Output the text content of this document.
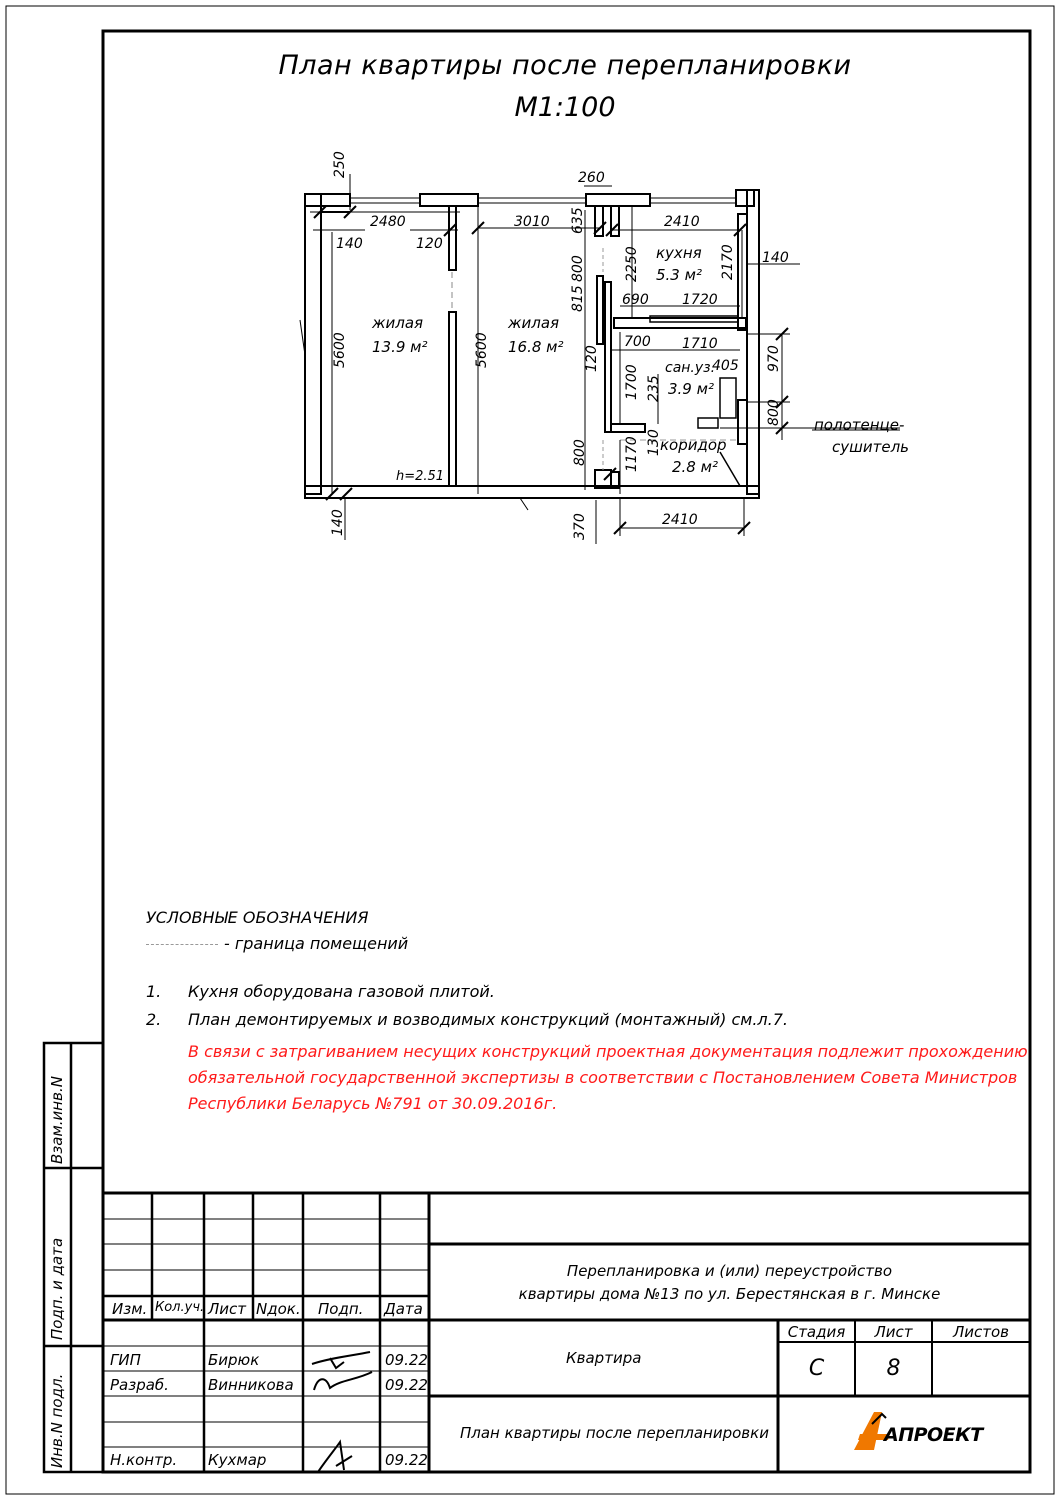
жилая
13.9 м²
жилая
16.8 м²
кухня
5.3 м²
сан.уз.
3.9 м²
коридор
2.8 м²
h=2.51
полотенце-
сушитель
260
2480	3010	2410
140	120
140
690 1720
700 1710
405
2410
250
635
800	2250	2170
815
5600	5600	120	970
1700 235
800
130
800	1170
140	370
План квартиры после перепланировки
М1:100
УСЛОВНЫЕ ОБОЗНАЧЕНИЯ
- граница помещений
1. Кухня оборудована газовой плитой.
2. План демонтируемых и возводимых конструкций (монтажный) см.л.7.
В связи с затрагиванием несущих конструкций проектная документация подлежит прохождению
обязательной государственной экспертизы в соответствии с Постановлением Совета Министров
Республики Беларусь №791 от 30.09.2016г.
Взам.инв.N
Подп. и дата
Инв.N подл.
Изм. Кол.уч. Лист Nдок. Подп. Дата
ГИП	Бирюк	09.22
Разраб.	Винникова	09.22
Н.контр. Кухмар	09.22
Перепланировка и (или) переустройство
квартиры дома №13 по ул. Берестянская в г. Минске
Квартира
План квартиры после перепланировки
Стадия	Лист	Листов
С	8
АПРОЕКТ
